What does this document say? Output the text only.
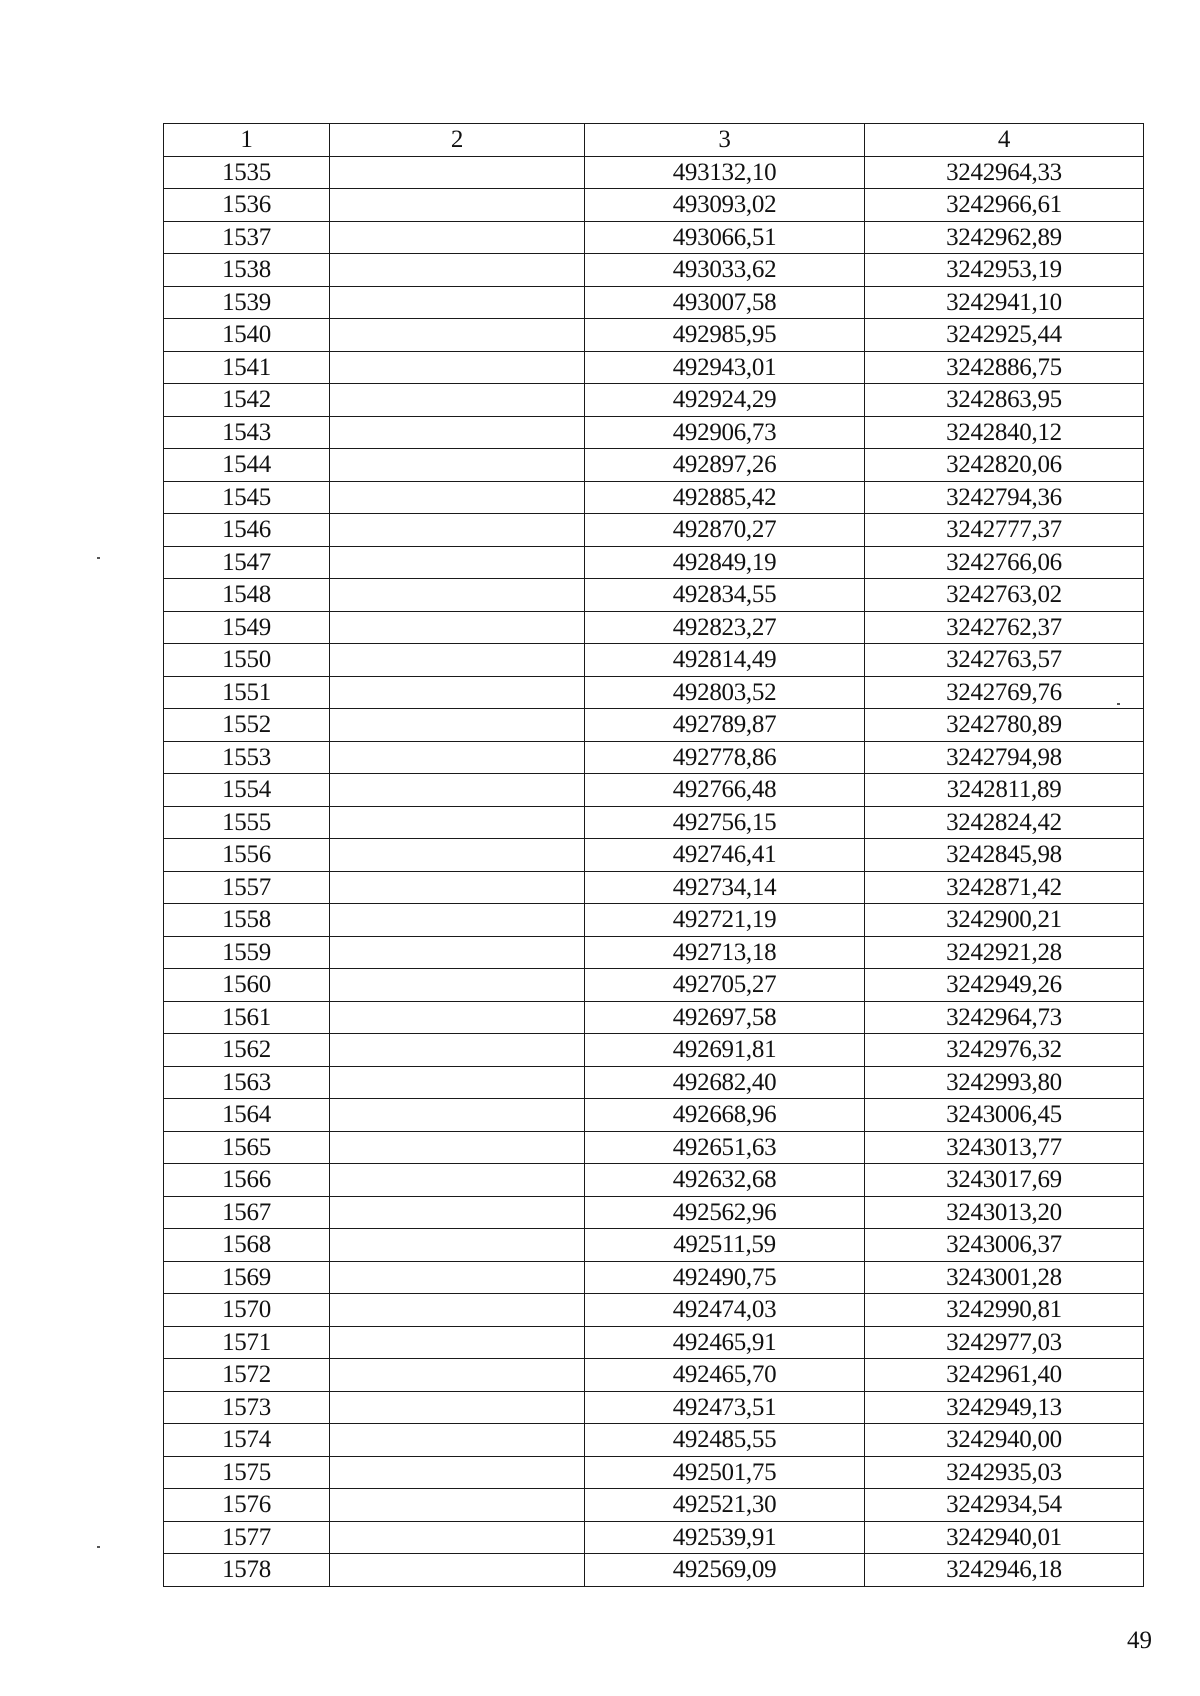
1	2	3	4
1535		493132,10	3242964,33
1536		493093,02	3242966,61
1537		493066,51	3242962,89
1538		493033,62	3242953,19
1539		493007,58	3242941,10
1540		492985,95	3242925,44
1541		492943,01	3242886,75
1542		492924,29	3242863,95
1543		492906,73	3242840,12
1544		492897,26	3242820,06
1545		492885,42	3242794,36
1546		492870,27	3242777,37
1547		492849,19	3242766,06
1548		492834,55	3242763,02
1549		492823,27	3242762,37
1550		492814,49	3242763,57
1551		492803,52	3242769,76
1552		492789,87	3242780,89
1553		492778,86	3242794,98
1554		492766,48	3242811,89
1555		492756,15	3242824,42
1556		492746,41	3242845,98
1557		492734,14	3242871,42
1558		492721,19	3242900,21
1559		492713,18	3242921,28
1560		492705,27	3242949,26
1561		492697,58	3242964,73
1562		492691,81	3242976,32
1563		492682,40	3242993,80
1564		492668,96	3243006,45
1565		492651,63	3243013,77
1566		492632,68	3243017,69
1567		492562,96	3243013,20
1568		492511,59	3243006,37
1569		492490,75	3243001,28
1570		492474,03	3242990,81
1571		492465,91	3242977,03
1572		492465,70	3242961,40
1573		492473,51	3242949,13
1574		492485,55	3242940,00
1575		492501,75	3242935,03
1576		492521,30	3242934,54
1577		492539,91	3242940,01
1578		492569,09	3242946,18
49
